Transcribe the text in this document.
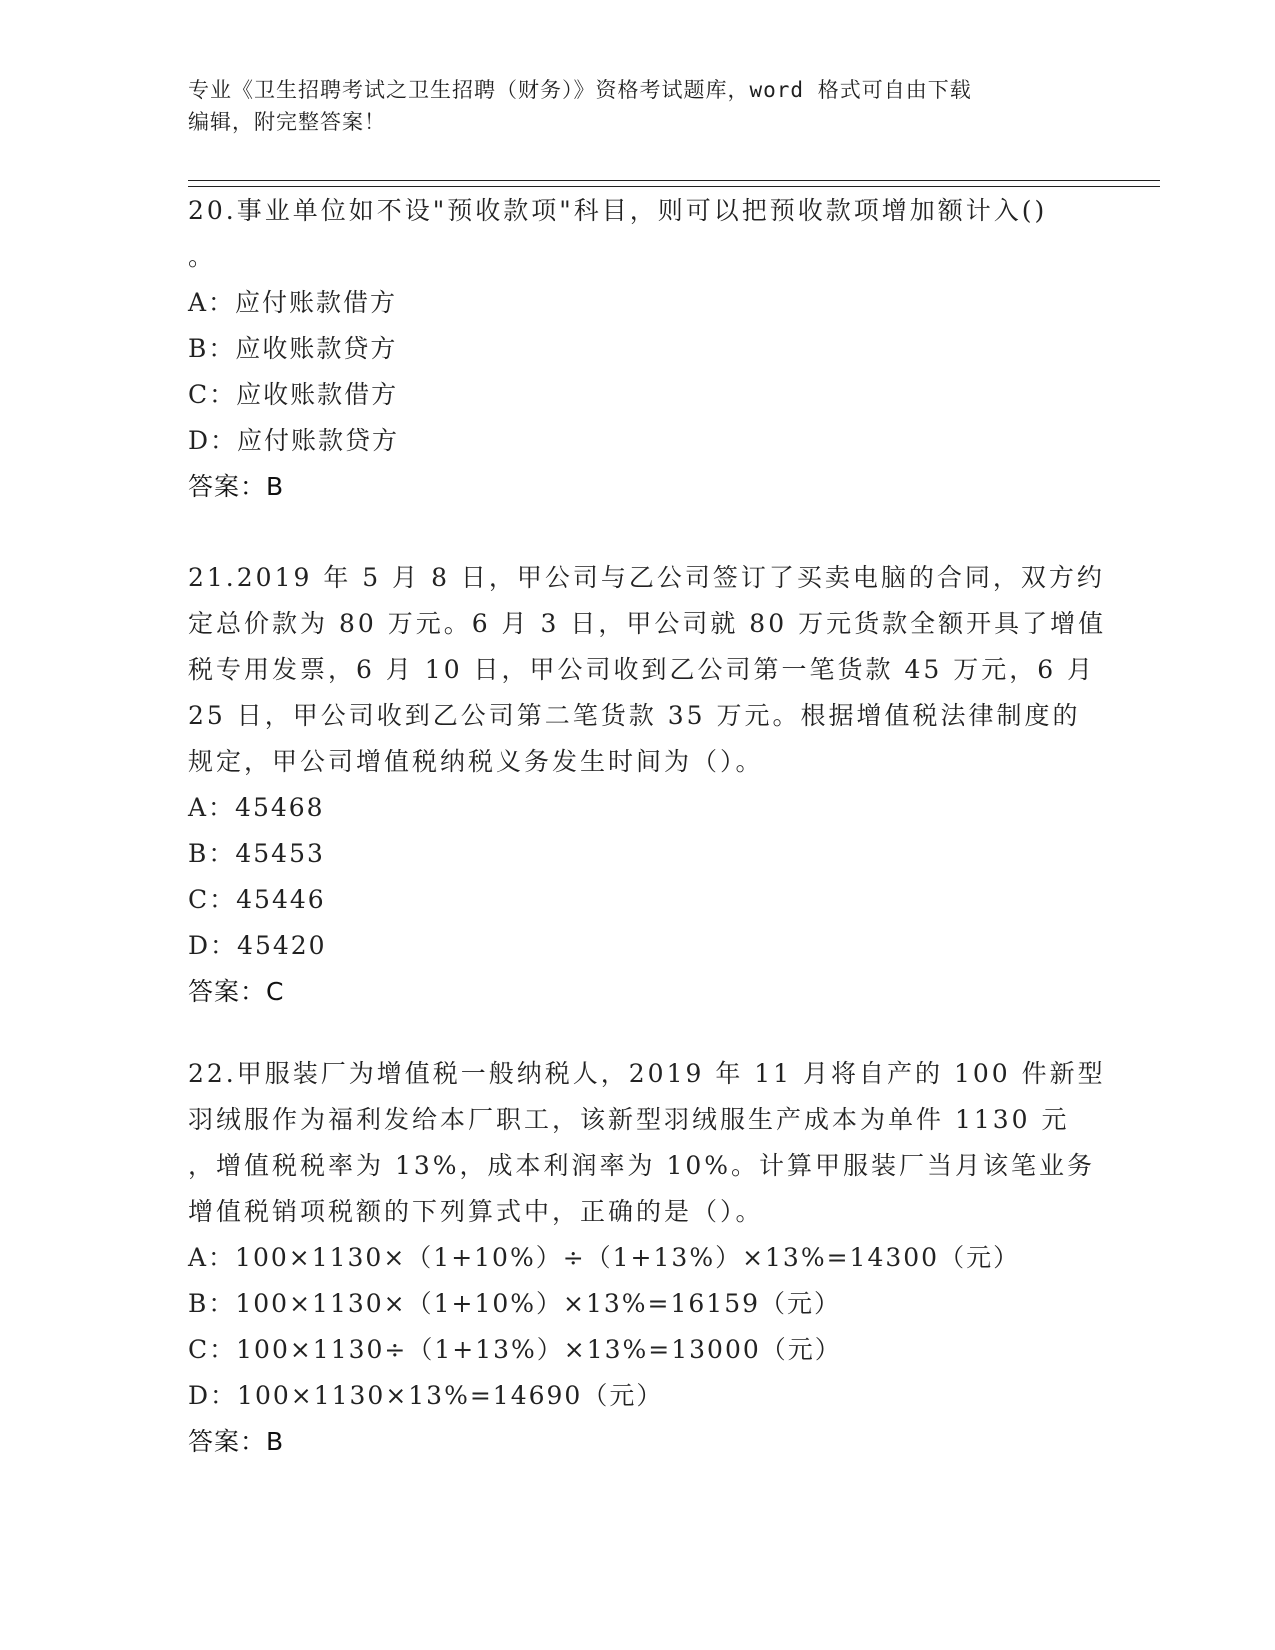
专业《卫生招聘考试之卫生招聘（财务）》资格考试题库，word 格式可自由下载
编辑，附完整答案！

20.事业单位如不设"预收款项"科目，则可以把预收款项增加额计入()
。

A：应付账款借方
B：应收账款贷方
C：应收账款借方
D：应付账款贷方
答案：B

21.2019 年 5 月 8 日，甲公司与乙公司签订了买卖电脑的合同，双方约
定总价款为 80 万元。6 月 3 日，甲公司就 80 万元货款全额开具了增值
税专用发票，6 月 10 日，甲公司收到乙公司第一笔货款 45 万元，6 月
25 日，甲公司收到乙公司第二笔货款 35 万元。根据增值税法律制度的
规定，甲公司增值税纳税义务发生时间为（）。

A：45468
B：45453
C：45446
D：45420
答案：C

22.甲服装厂为增值税一般纳税人，2019 年 11 月将自产的 100 件新型
羽绒服作为福利发给本厂职工，该新型羽绒服生产成本为单件 1130 元
，增值税税率为 13%，成本利润率为 10%。计算甲服装厂当月该笔业务
增值税销项税额的下列算式中，正确的是（）。

A：100×1130×（1+10%）÷（1+13%）×13%=14300（元）
B：100×1130×（1+10%）×13%=16159（元）
C：100×1130÷（1+13%）×13%=13000（元）
D：100×1130×13%=14690（元）
答案：B
